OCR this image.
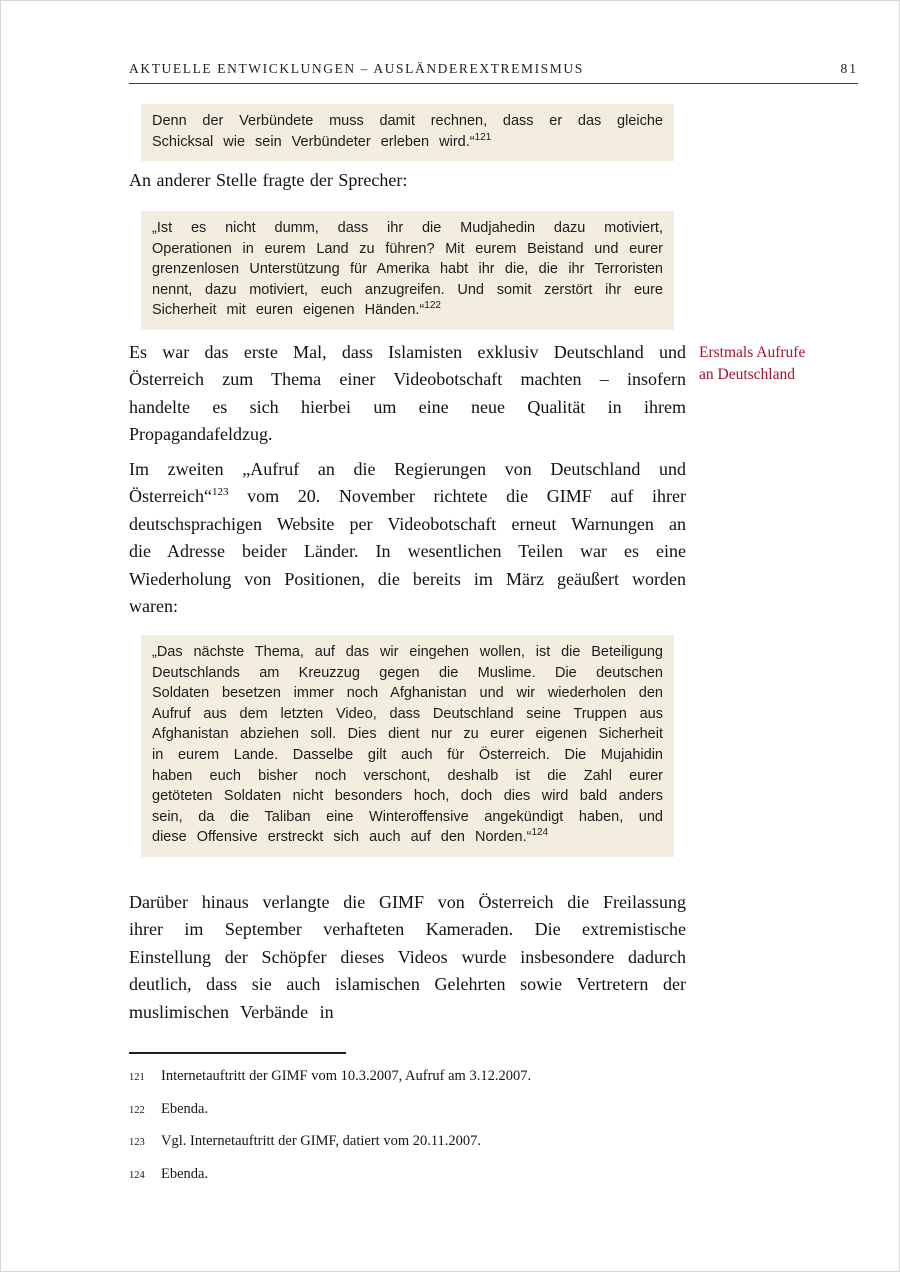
AKTUELLE ENTWICKLUNGEN – AUSLÄNDEREXTREMISMUS	81
Denn der Verbündete muss damit rechnen, dass er das gleiche Schicksal wie sein Verbündeter erleben wird.“$^{121}$

An anderer Stelle fragte der Sprecher:

„Ist es nicht dumm, dass ihr die Mudjahedin dazu motiviert, Operationen in eurem Land zu führen? Mit eurem Beistand und eurer grenzenlosen Unterstützung für Amerika habt ihr die, die ihr Terroristen nennt, dazu motiviert, euch anzugreifen. Und somit zerstört ihr eure Sicherheit mit euren eigenen Händen.“$^{122}$

Es war das erste Mal, dass Islamisten exklusiv Deutschland und Österreich zum Thema einer Videobotschaft machten – insofern handelte es sich hierbei um eine neue Qualität in ihrem Propagandafeldzug.

Erstmals Aufrufe
an Deutschland

Im zweiten „Aufruf an die Regierungen von Deutschland und Österreich“$^{123}$ vom 20. November richtete die GIMF auf ihrer deutschsprachigen Website per Videobotschaft erneut Warnungen an die Adresse beider Länder. In wesentlichen Teilen war es eine Wiederholung von Positionen, die bereits im März geäußert worden waren:

„Das nächste Thema, auf das wir eingehen wollen, ist die Beteiligung Deutschlands am Kreuzzug gegen die Muslime. Die deutschen Soldaten besetzen immer noch Afghanistan und wir wiederholen den Aufruf aus dem letzten Video, dass Deutschland seine Truppen aus Afghanistan abziehen soll. Dies dient nur zu eurer eigenen Sicherheit in eurem Lande. Dasselbe gilt auch für Österreich. Die Mujahidin haben euch bisher noch verschont, deshalb ist die Zahl eurer getöteten Soldaten nicht besonders hoch, doch dies wird bald anders sein, da die Taliban eine Winteroffensive angekündigt haben, und diese Offensive erstreckt sich auch auf den Norden.“$^{124}$

Darüber hinaus verlangte die GIMF von Österreich die Freilassung ihrer im September verhafteten Kameraden. Die extremistische Einstellung der Schöpfer dieses Videos wurde insbesondere dadurch deutlich, dass sie auch islamischen Gelehrten sowie Vertretern der muslimischen Verbände in

121	Internetauftritt der GIMF vom 10.3.2007, Aufruf am 3.12.2007.
122	Ebenda.
123	Vgl. Internetauftritt der GIMF, datiert vom 20.11.2007.
124	Ebenda.
